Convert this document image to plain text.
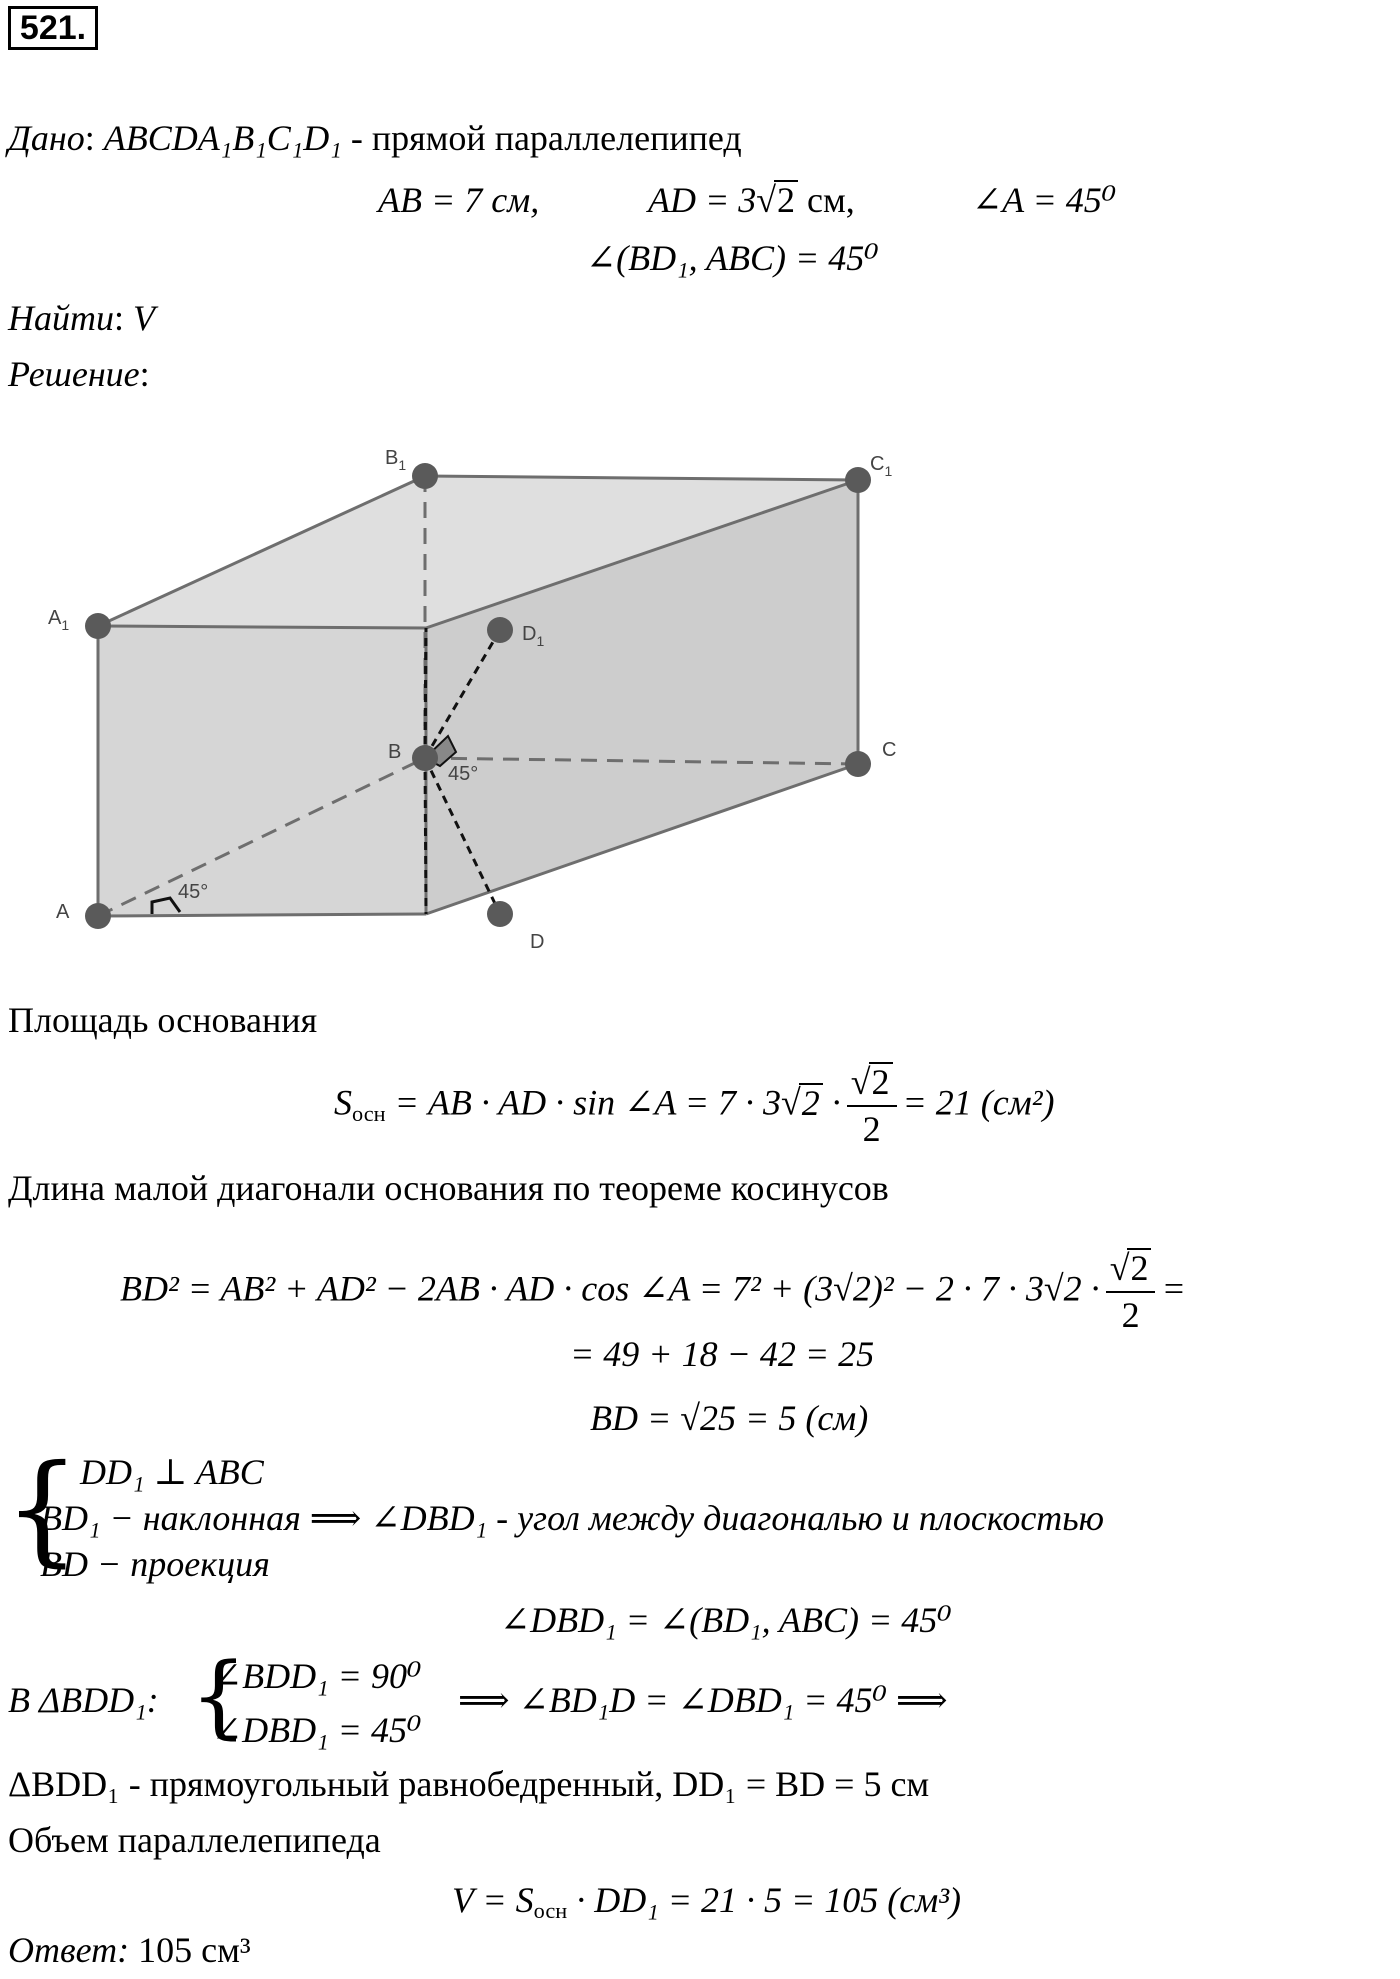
521.
Дано: ABCDA₁B₁C₁D₁ - прямой параллелепипед
AB = 7 см,	AD = 3√2 см,	∠A = 45⁰
∠(BD₁, ABC) = 45⁰
Найти: V
Решение:
45°
45°
$A_1$
$B_1$	$C_1$
$D_1$
B	C
A
D
Площадь основания
$S_{осн}$ = AB · AD · sin ∠A = $7 \cdot 3√2 \cdot \frac{√2}{2} = 21$ (см²)
Длина малой диагонали основания по теореме косинусов
BD² = AB² + AD² − 2AB · AD · cos ∠A = $7^2 + (3√2)^2 - 2 \cdot 7 \cdot 3√2 \cdot \frac{√2}{2}$ =
= 49 + 18 − 42 = 25
BD = √25 = 5 (см)
{ DD₁ ⊥ ABC
BD₁ − наклонная ⟹ ∠DBD₁ - угол между диагональю и плоскостью
BD − проекция
∠DBD₁ = ∠(BD₁, ABC) = 45⁰
В ΔBDD₁: {
∠BDD₁ = 90⁰
∠DBD₁ = 45⁰
⟹ ∠BD₁D = ∠DBD₁ = 45⁰ ⟹
ΔBDD₁ - прямоугольный равнобедренный, DD₁ = BD = 5 см
Объем параллелепипеда
$V = S_{осн} \cdot DD_1 = 21 \cdot 5 = 105$ (см³)
Ответ: 105 см³
